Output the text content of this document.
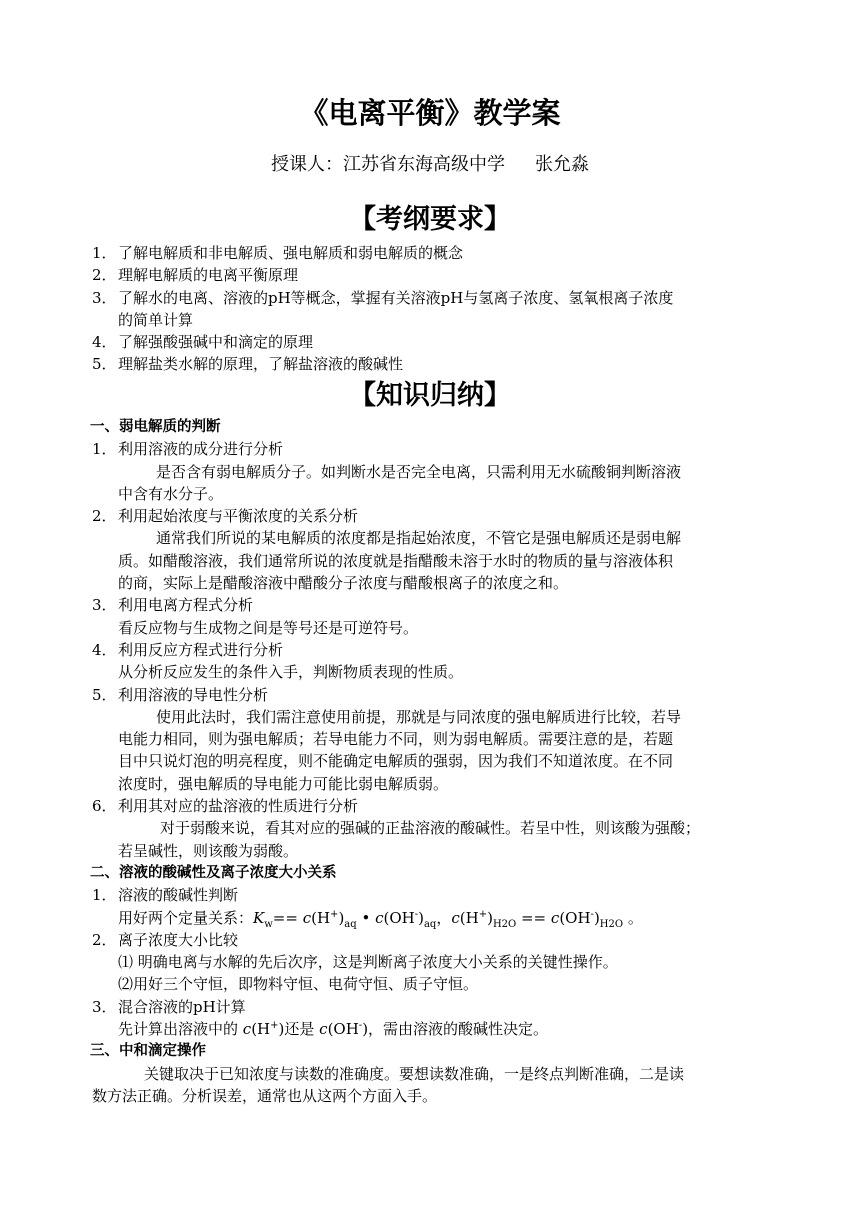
《电离平衡》教学案
授课人：江苏省东海高级中学 张允淼
【考纲要求】
1．了解电解质和非电解质、强电解质和弱电解质的概念
2．理解电解质的电离平衡原理
3．了解水的电离、溶液的pH等概念，掌握有关溶液pH与氢离子浓度、氢氧根离子浓度
的简单计算
4．了解强酸强碱中和滴定的原理
5．理解盐类水解的原理，了解盐溶液的酸碱性
【知识归纳】
一、弱电解质的判断
1．利用溶液的成分进行分析
是否含有弱电解质分子。如判断水是否完全电离，只需利用无水硫酸铜判断溶液
中含有水分子。
2．利用起始浓度与平衡浓度的关系分析
通常我们所说的某电解质的浓度都是指起始浓度，不管它是强电解质还是弱电解
质。如醋酸溶液，我们通常所说的浓度就是指醋酸未溶于水时的物质的量与溶液体积
的商，实际上是醋酸溶液中醋酸分子浓度与醋酸根离子的浓度之和。
3．利用电离方程式分析
看反应物与生成物之间是等号还是可逆符号。
4．利用反应方程式进行分析
从分析反应发生的条件入手，判断物质表现的性质。
5．利用溶液的导电性分析
使用此法时，我们需注意使用前提，那就是与同浓度的强电解质进行比较，若导
电能力相同，则为强电解质；若导电能力不同，则为弱电解质。需要注意的是，若题
目中只说灯泡的明亮程度，则不能确定电解质的强弱，因为我们不知道浓度。在不同
浓度时，强电解质的导电能力可能比弱电解质弱。
6．利用其对应的盐溶液的性质进行分析
对于弱酸来说，看其对应的强碱的正盐溶液的酸碱性。若呈中性，则该酸为强酸；
若呈碱性，则该酸为弱酸。
二、溶液的酸碱性及离子浓度大小关系
1．溶液的酸碱性判断
用好两个定量关系：$K_w== c(H^+)_{aq}$ • $c(OH^-)_{aq}$，$c(H^+)_{H2O} == c(OH^-)_{H2O}$ 。
2．离子浓度大小比较
⑴ 明确电离与水解的先后次序，这是判断离子浓度大小关系的关键性操作。
⑵用好三个守恒，即物料守恒、电荷守恒、质子守恒。
3．混合溶液的pH计算
先计算出溶液中的 c(H+)还是 c(OH-)，需由溶液的酸碱性决定。
三、中和滴定操作
关键取决于已知浓度与读数的准确度。要想读数准确，一是终点判断准确，二是读
数方法正确。分析误差，通常也从这两个方面入手。
